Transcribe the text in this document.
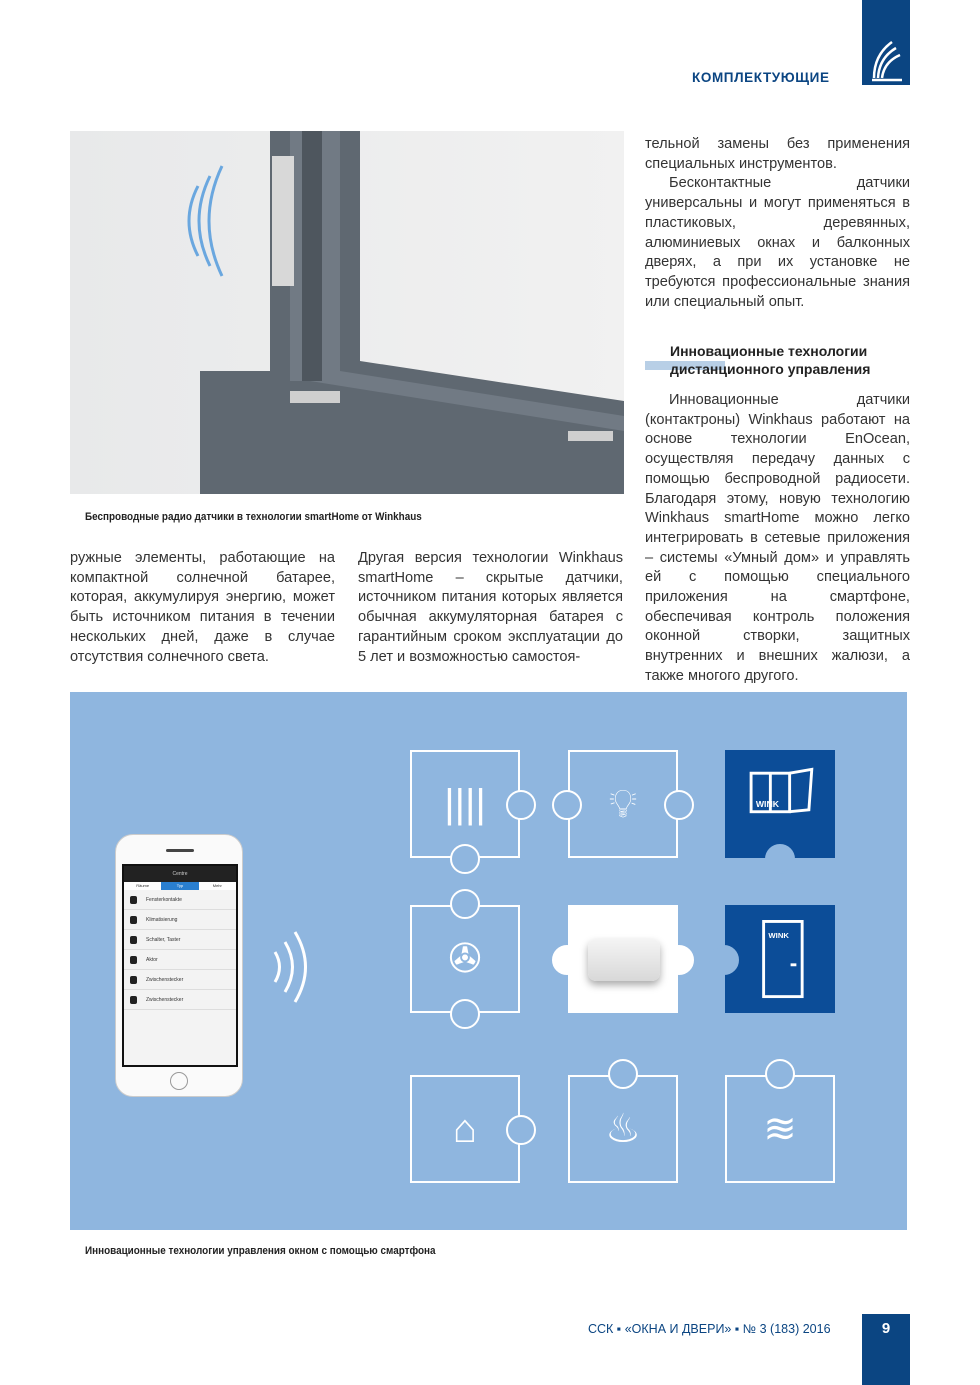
КОМПЛЕКТУЮЩИЕ
Беспроводные радио датчики в технологии smartHome от Winkhaus

ружные элементы, работающие на компактной солнечной батарее, которая, аккумулируя энергию, может быть источником питания в течении нескольких дней, даже в случае отсутствия солнечного света.

Другая версия технологии Winkhaus smartHome – скрытые датчики, источником питания которых является обычная аккумуляторная батарея с гарантийным сроком эксплуатации до 5 лет и возможностью самостоя-

тельной замены без применения специальных инструментов.

Бесконтактные датчики универсальны и могут применяться в пластиковых, деревянных, алюминиевых окнах и балконных дверях, а при их установке не требуются профессиональные знания или специальный опыт.

Инновационные технологии дистанционного управления

Инновационные датчики (контактроны) Winkhaus работают на основе технологии EnOcean, осуществляя передачу данных с помощью беспроводной радиосети. Благодаря этому, новую технологию Winkhaus smartHome можно легко интегрировать в сетевые приложения – системы «Умный дом» и управлять ей с помощью специального приложения на смартфоне, обеспечивая контроль положения оконной створки, защитных внутренних и внешних жалюзи, а также многого другого.

Centre
Räume	Typ	Mehr
Fensterkontakte
Klimatisierung
Schalter, Taster
Aktor
Zwischenstecker
Zwischenstecker
||||	💡︎	WINK
✇
WINK
⌂	♨	≋
Инновационные технологии управления окном с помощью смартфона
ССК ▪ «ОКНА И ДВЕРИ» ▪ № 3 (183) 2016	9
